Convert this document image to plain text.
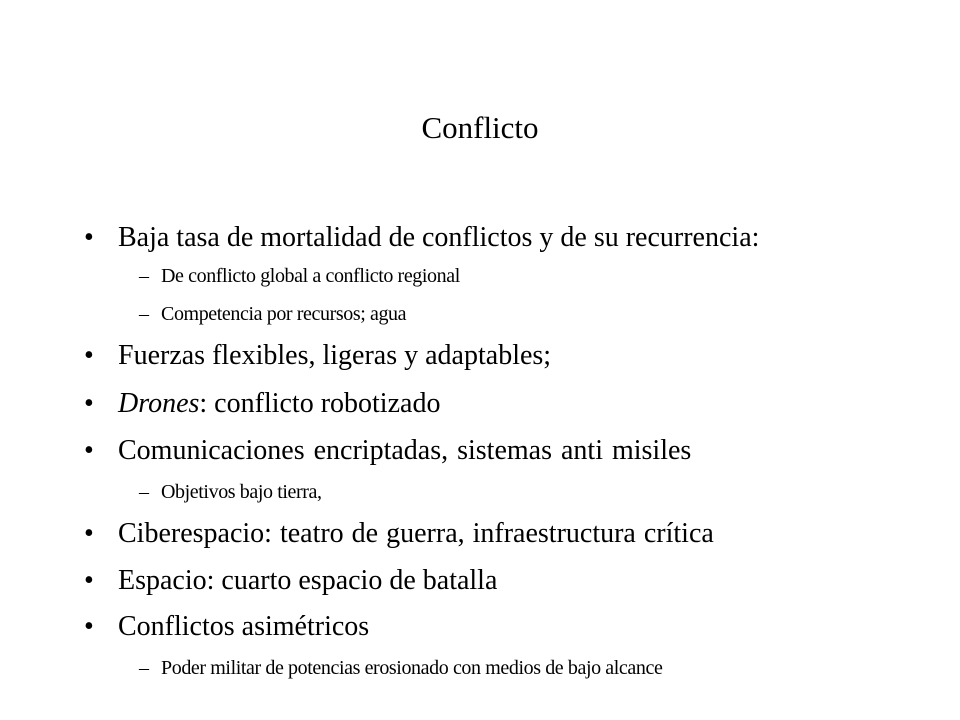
Conflicto
• Baja tasa de mortalidad de conflictos y de su recurrencia:
– De conflicto global a conflicto regional
– Competencia por recursos; agua
• Fuerzas flexibles, ligeras y adaptables;
• Drones: conflicto robotizado
• Comunicaciones encriptadas, sistemas anti misiles
– Objetivos bajo tierra,
• Ciberespacio: teatro de guerra, infraestructura crítica
• Espacio: cuarto espacio de batalla
• Conflictos asimétricos
– Poder militar de potencias erosionado con medios de bajo alcance
